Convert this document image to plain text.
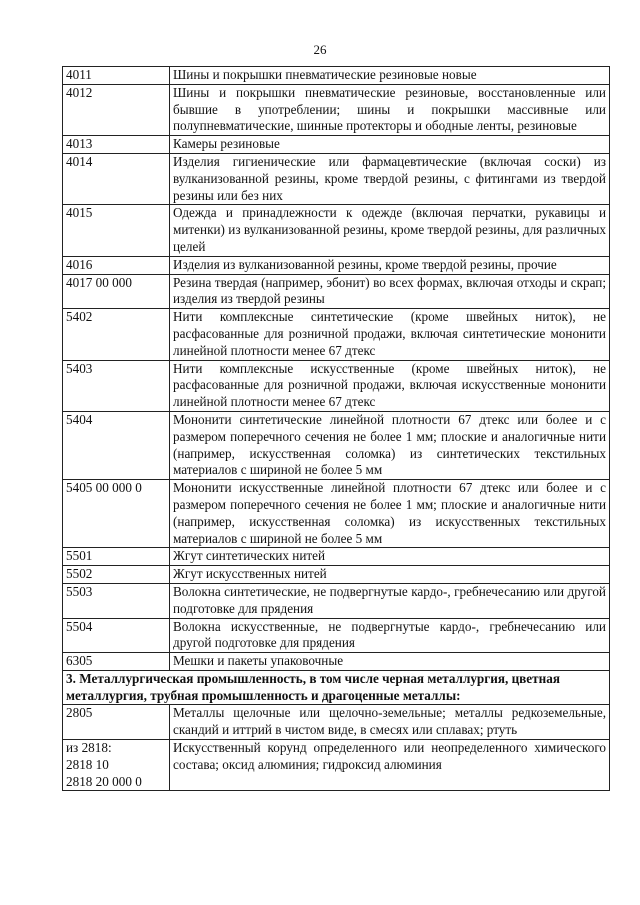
26
4011	Шины и покрышки пневматические резиновые новые
4012	Шины и покрышки пневматические резиновые, восстановленные или бывшие в употреблении; шины и покрышки массивные или полупневматические, шинные протекторы и ободные ленты, резиновые
4013	Камеры резиновые
4014	Изделия гигиенические или фармацевтические (включая соски) из вулканизованной резины, кроме твердой резины, с фитингами из твердой резины или без них
4015	Одежда и принадлежности к одежде (включая перчатки, рукавицы и митенки) из вулканизованной резины, кроме твердой резины, для различных целей
4016	Изделия из вулканизованной резины, кроме твердой резины, прочие
4017 00 000	Резина твердая (например, эбонит) во всех формах, включая отходы и скрап; изделия из твердой резины
5402	Нити комплексные синтетические (кроме швейных ниток), не расфасованные для розничной продажи, включая синтетические мононити линейной плотности менее 67 дтекс
5403	Нити комплексные искусственные (кроме швейных ниток), не расфасованные для розничной продажи, включая искусственные мононити линейной плотности менее 67 дтекс
5404	Мононити синтетические линейной плотности 67 дтекс или более и с размером поперечного сечения не более 1 мм; плоские и аналогичные нити (например, искусственная соломка) из синтетических текстильных материалов с шириной не более 5 мм
5405 00 000 0	Мононити искусственные линейной плотности 67 дтекс или более и с размером поперечного сечения не более 1 мм; плоские и аналогичные нити (например, искусственная соломка) из искусственных текстильных материалов с шириной не более 5 мм
5501	Жгут синтетических нитей
5502	Жгут искусственных нитей
5503	Волокна синтетические, не подвергнутые кардо-, гребнечесанию или другой подготовке для прядения
5504	Волокна искусственные, не подвергнутые кардо-, гребнечесанию или другой подготовке для прядения
6305	Мешки и пакеты упаковочные
3. Металлургическая промышленность, в том числе черная металлургия, цветная металлургия, трубная промышленность и драгоценные металлы:	

2805	Металлы щелочные или щелочно-земельные; металлы редкоземельные, скандий и иттрий в чистом виде, в смесях или сплавах; ртуть

из 2818:
2818 10
2818 20 000 0	Искусственный корунд определенного или неопределенного химического состава; оксид алюминия; гидроксид алюминия
